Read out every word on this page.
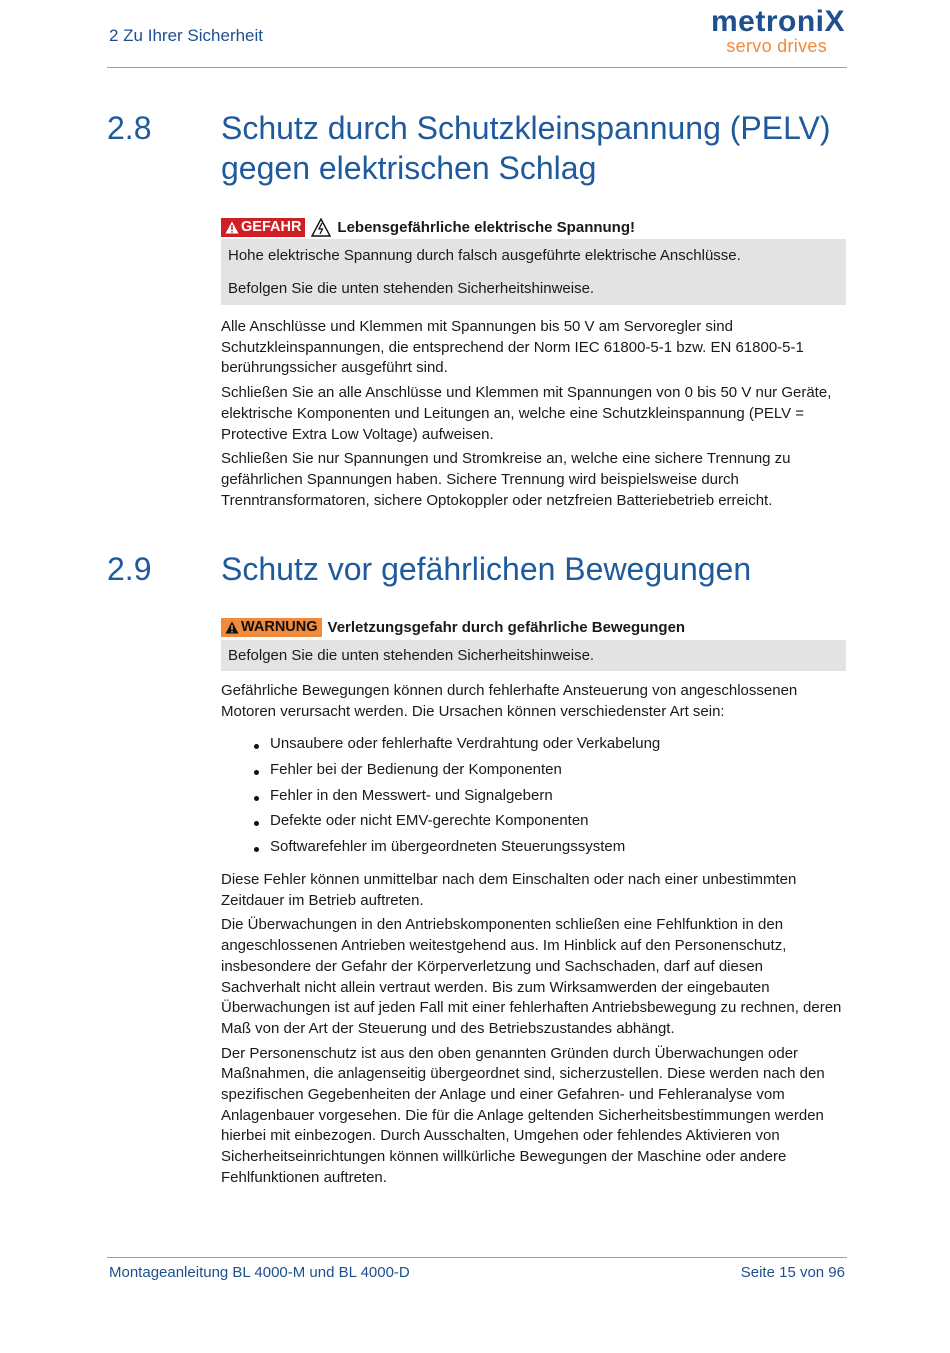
2 Zu Ihrer Sicherheit	metroniX
servo drives
2.8 Schutz durch Schutzkleinspannung (PELV) gegen elektrischen Schlag
GEFAHR Lebensgefährliche elektrische Spannung!

Hohe elektrische Spannung durch falsch ausgeführte elektrische Anschlüsse.

Befolgen Sie die unten stehenden Sicherheitshinweise.

Alle Anschlüsse und Klemmen mit Spannungen bis 50 V am Servoregler sind Schutzkleinspannungen, die entsprechend der Norm IEC 61800-5-1 bzw. EN 61800-5-1 berührungssicher ausgeführt sind.

Schließen Sie an alle Anschlüsse und Klemmen mit Spannungen von 0 bis 50 V nur Geräte, elektrische Komponenten und Leitungen an, welche eine Schutzkleinspannung (PELV = Protective Extra Low Voltage) aufweisen.

Schließen Sie nur Spannungen und Stromkreise an, welche eine sichere Trennung zu gefährlichen Spannungen haben. Sichere Trennung wird beispielsweise durch Trenntransformatoren, sichere Optokoppler oder netzfreien Batteriebetrieb erreicht.

2.9 Schutz vor gefährlichen Bewegungen
WARNUNG Verletzungsgefahr durch gefährliche Bewegungen

Befolgen Sie die unten stehenden Sicherheitshinweise.

Gefährliche Bewegungen können durch fehlerhafte Ansteuerung von angeschlossenen Motoren verursacht werden. Die Ursachen können verschiedenster Art sein:

Unsaubere oder fehlerhafte Verdrahtung oder Verkabelung
Fehler bei der Bedienung der Komponenten
Fehler in den Messwert- und Signalgebern
Defekte oder nicht EMV-gerechte Komponenten
Softwarefehler im übergeordneten Steuerungssystem

Diese Fehler können unmittelbar nach dem Einschalten oder nach einer unbestimmten Zeitdauer im Betrieb auftreten.

Die Überwachungen in den Antriebskomponenten schließen eine Fehlfunktion in den angeschlossenen Antrieben weitestgehend aus. Im Hinblick auf den Personenschutz, insbesondere der Gefahr der Körperverletzung und Sachschaden, darf auf diesen Sachverhalt nicht allein vertraut werden. Bis zum Wirksamwerden der eingebauten Überwachungen ist auf jeden Fall mit einer fehlerhaften Antriebsbewegung zu rechnen, deren Maß von der Art der Steuerung und des Betriebszustandes abhängt.

Der Personenschutz ist aus den oben genannten Gründen durch Überwachungen oder Maßnahmen, die anlagenseitig übergeordnet sind, sicherzustellen. Diese werden nach den spezifischen Gegebenheiten der Anlage und einer Gefahren- und Fehleranalyse vom Anlagenbauer vorgesehen. Die für die Anlage geltenden Sicherheitsbestimmungen werden hierbei mit einbezogen. Durch Ausschalten, Umgehen oder fehlendes Aktivieren von Sicherheitseinrichtungen können willkürliche Bewegungen der Maschine oder andere Fehlfunktionen auftreten.

Montageanleitung BL 4000-M und BL 4000-D	Seite 15 von 96
